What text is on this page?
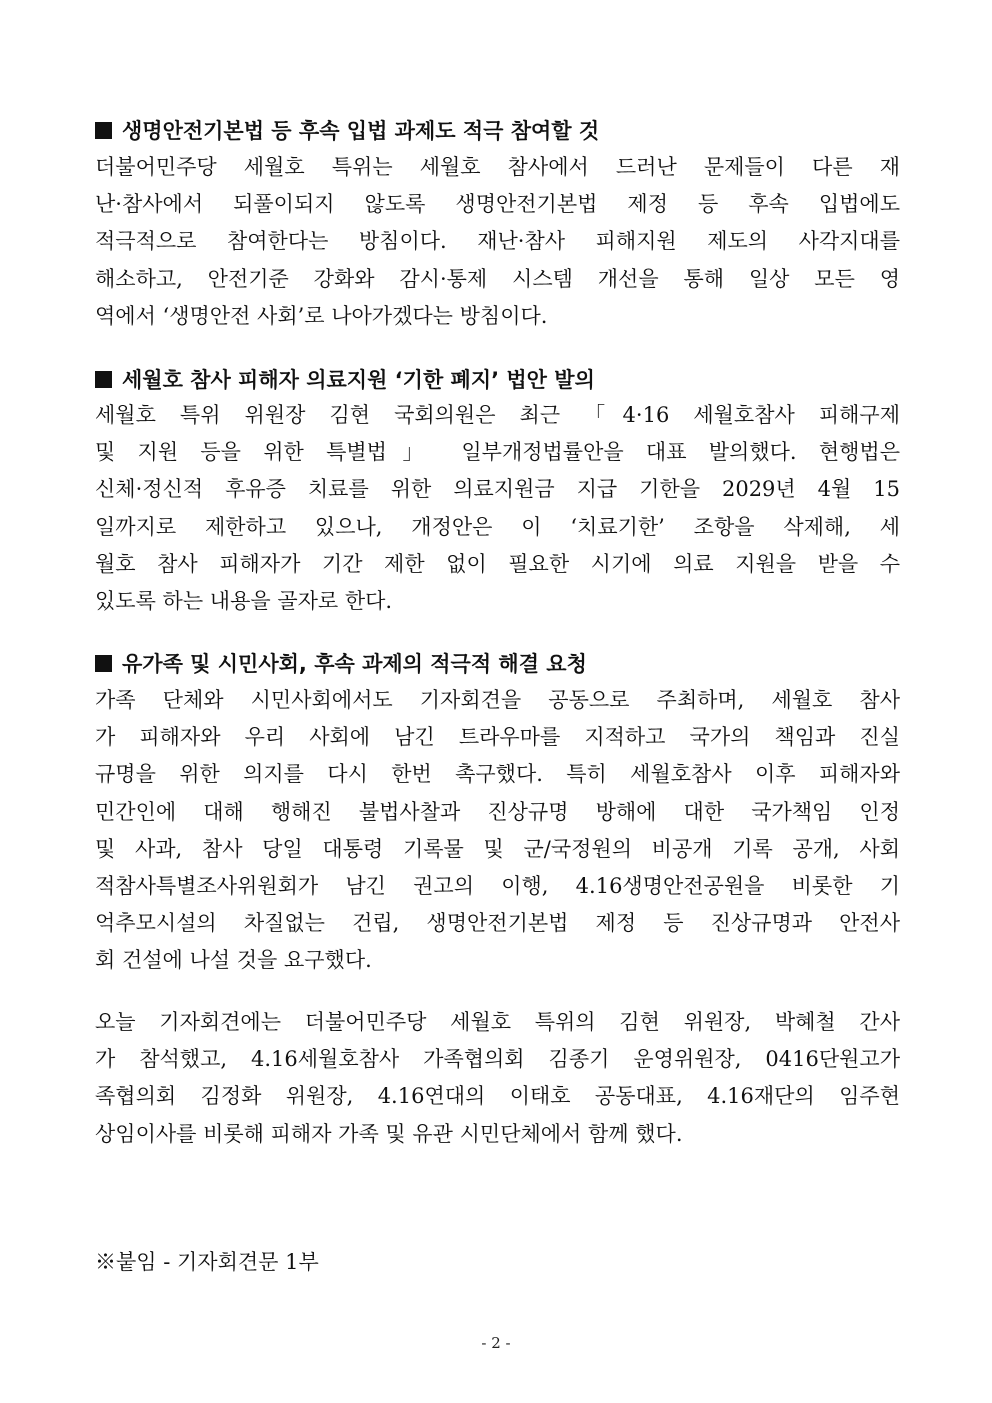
생명안전기본법 등 후속 입법 과제도 적극 참여할 것
더불어민주당 세월호 특위는 세월호 참사에서 드러난 문제들이 다른 재
난·참사에서 되풀이되지 않도록 생명안전기본법 제정 등 후속 입법에도
적극적으로 참여한다는 방침이다. 재난·참사 피해지원 제도의 사각지대를
해소하고, 안전기준 강화와 감시·통제 시스템 개선을 통해 일상 모든 영
역에서 ‘생명안전 사회’로 나아가겠다는 방침이다.
세월호 참사 피해자 의료지원 ‘기한 폐지’ 법안 발의
세월호 특위 위원장 김현 국회의원은 최근 「4·16 세월호참사 피해구제
및 지원 등을 위한 특별법」 일부개정법률안을 대표 발의했다. 현행법은
신체·정신적 후유증 치료를 위한 의료지원금 지급 기한을 2029년 4월 15
일까지로 제한하고 있으나, 개정안은 이 ‘치료기한’ 조항을 삭제해, 세
월호 참사 피해자가 기간 제한 없이 필요한 시기에 의료 지원을 받을 수
있도록 하는 내용을 골자로 한다.
유가족 및 시민사회, 후속 과제의 적극적 해결 요청
가족 단체와 시민사회에서도 기자회견을 공동으로 주최하며, 세월호 참사
가 피해자와 우리 사회에 남긴 트라우마를 지적하고 국가의 책임과 진실
규명을 위한 의지를 다시 한번 촉구했다. 특히 세월호참사 이후 피해자와
민간인에 대해 행해진 불법사찰과 진상규명 방해에 대한 국가책임 인정
및 사과, 참사 당일 대통령 기록물 및 군/국정원의 비공개 기록 공개, 사회
적참사특별조사위원회가 남긴 권고의 이행, 4.16생명안전공원을 비롯한 기
억추모시설의 차질없는 건립, 생명안전기본법 제정 등 진상규명과 안전사
회 건설에 나설 것을 요구했다.
오늘 기자회견에는 더불어민주당 세월호 특위의 김현 위원장, 박혜철 간사
가 참석했고, 4.16세월호참사 가족협의회 김종기 운영위원장, 0416단원고가
족협의회 김정화 위원장, 4.16연대의 이태호 공동대표, 4.16재단의 임주현
상임이사를 비롯해 피해자 가족 및 유관 시민단체에서 함께 했다.
※붙임 - 기자회견문 1부
- 2 -
